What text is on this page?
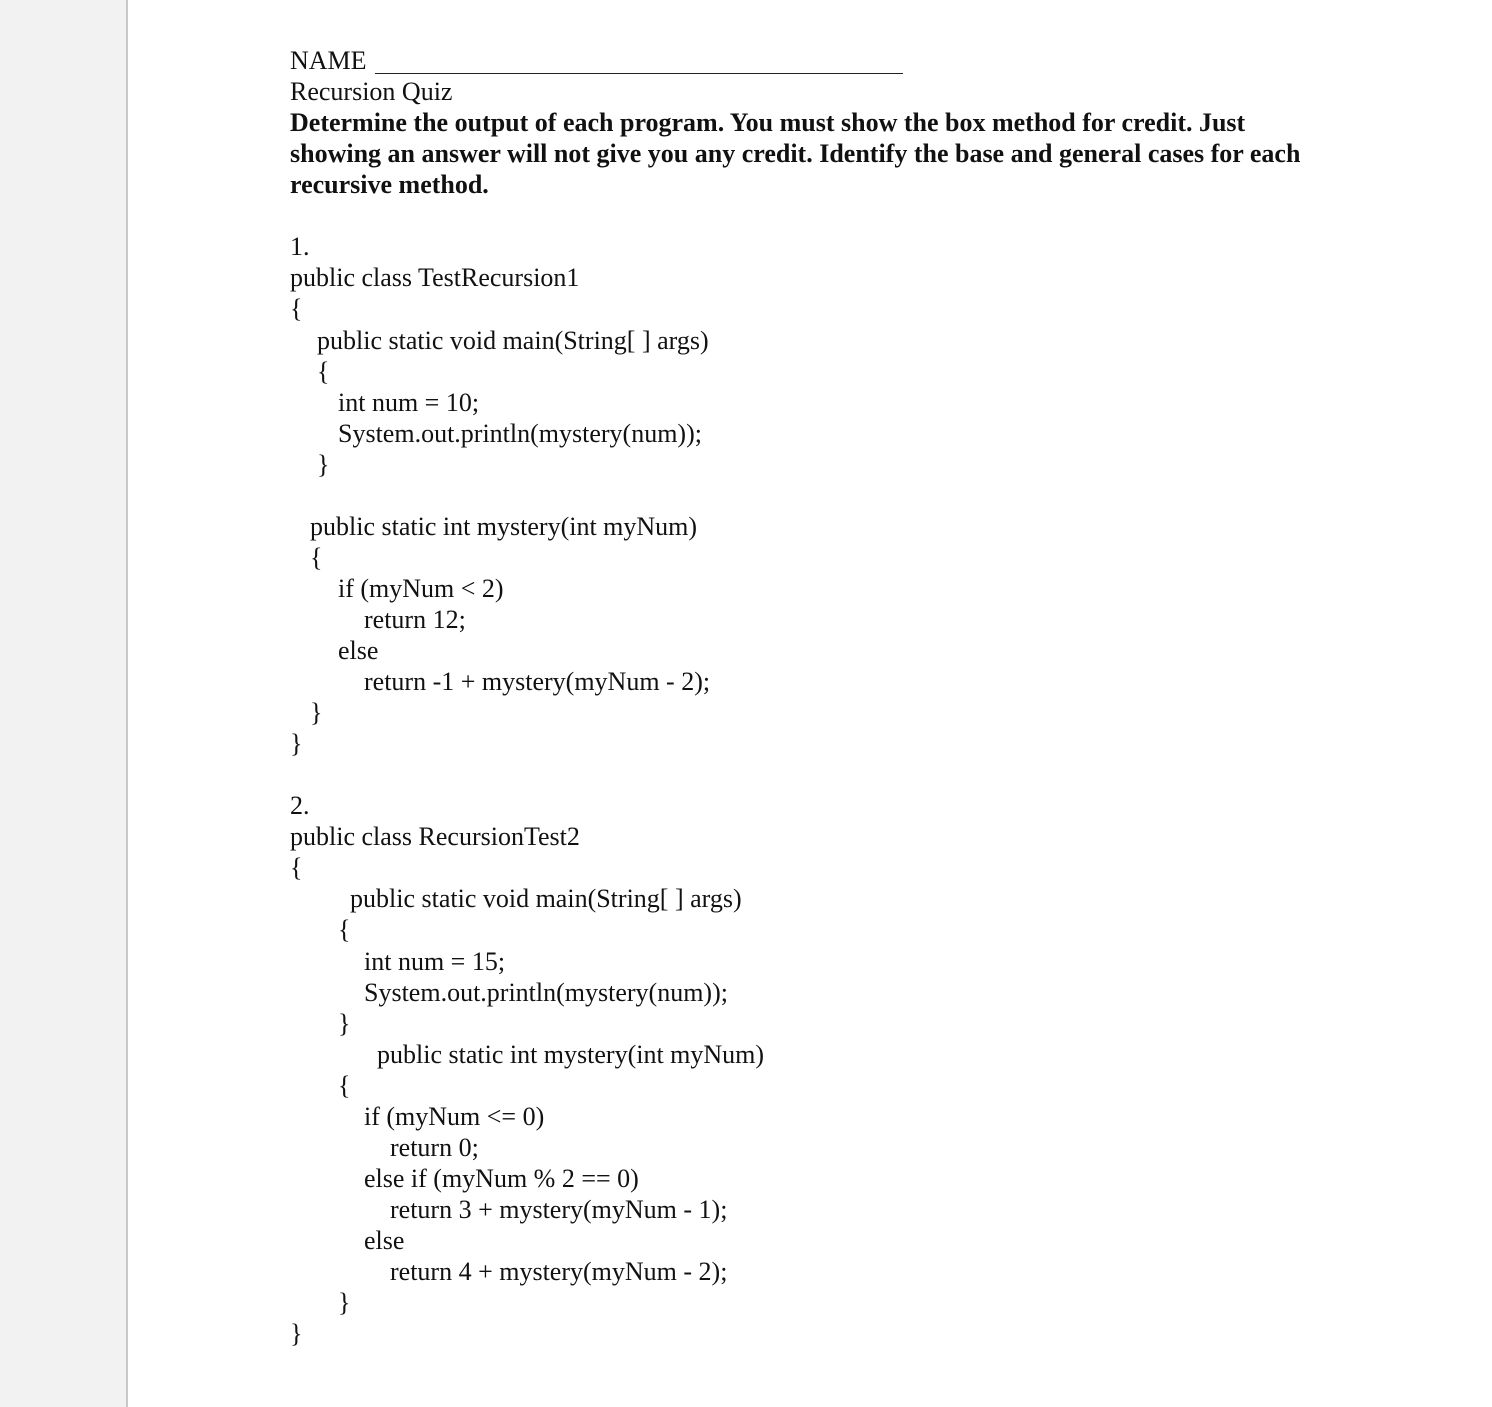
NAME
Recursion Quiz
Determine the output of each program. You must show the box method for credit. Just
showing an answer will not give you any credit. Identify the base and general cases for each
recursive method.
1.
public class TestRecursion1
{
public static void main(String[ ] args)
{
int num = 10;
System.out.println(mystery(num));
}
public static int mystery(int myNum)
{
if (myNum < 2)
return 12;
else
return -1 + mystery(myNum - 2);
}
}
2.
public class RecursionTest2
{
public static void main(String[ ] args)
{
int num = 15;
System.out.println(mystery(num));
}
public static int mystery(int myNum)
{
if (myNum <= 0)
return 0;
else if (myNum % 2 == 0)
return 3 + mystery(myNum - 1);
else
return 4 + mystery(myNum - 2);
}
}
